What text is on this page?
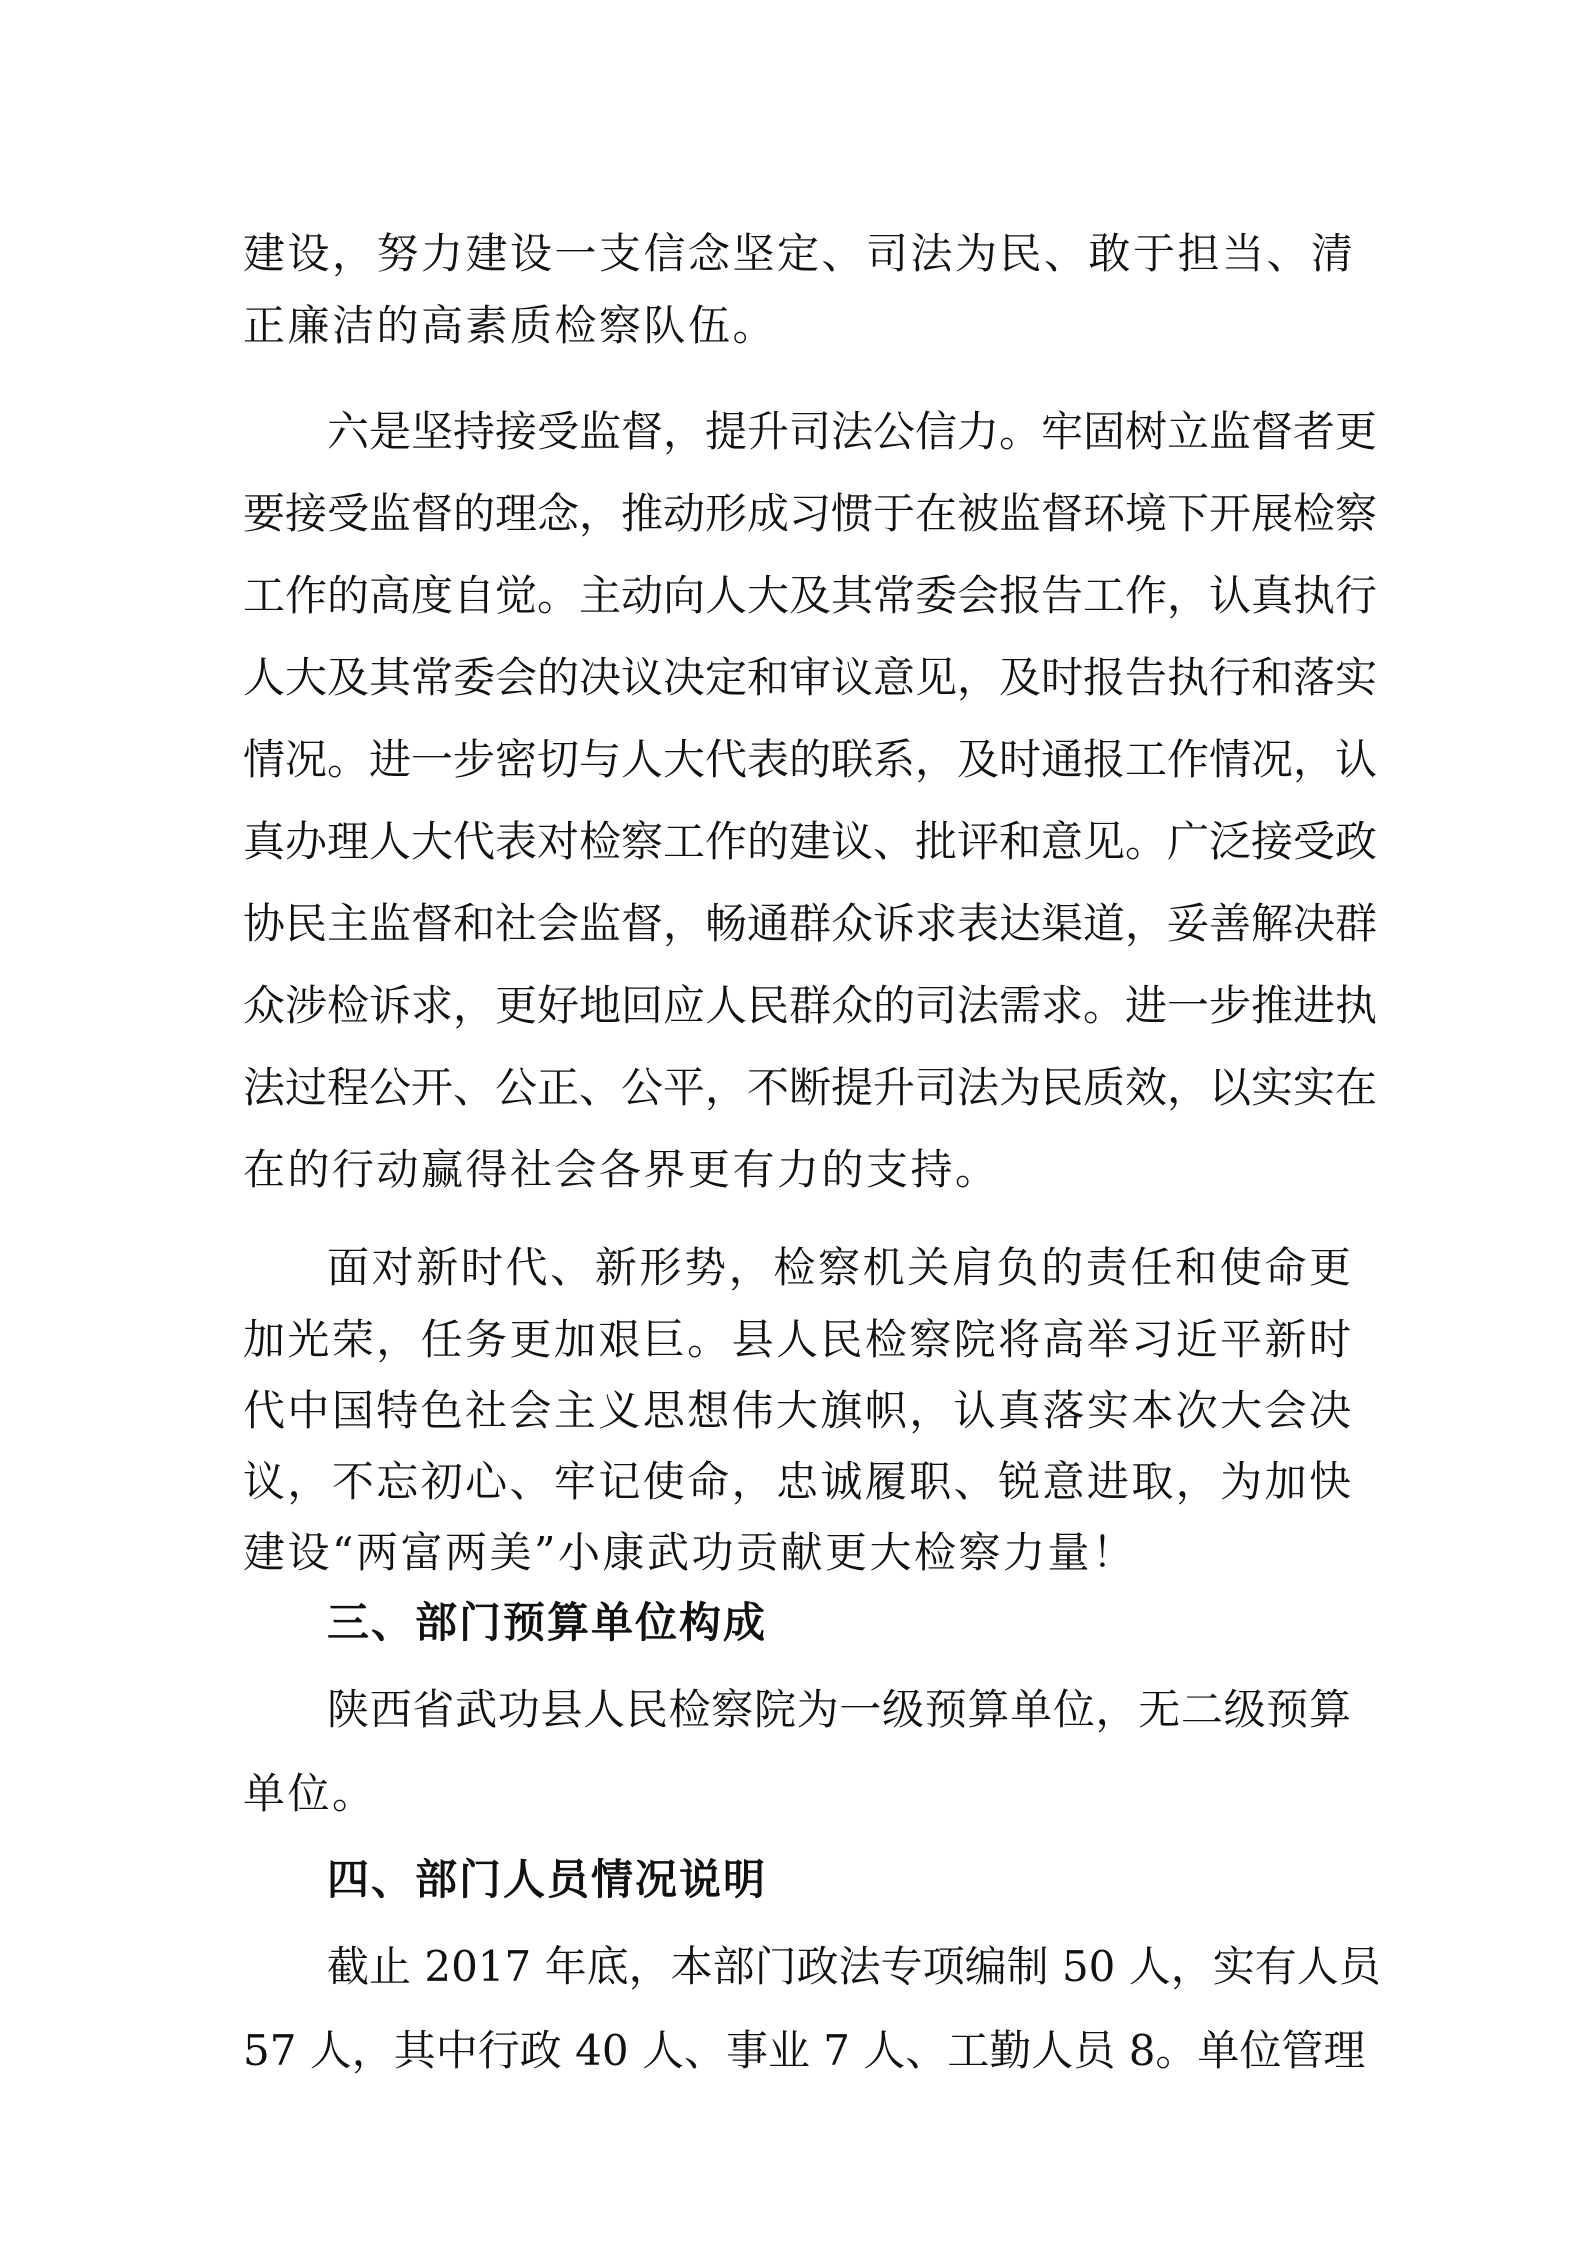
建设，努力建设一支信念坚定、司法为民、敢于担当、清
正廉洁的高素质检察队伍。
六是坚持接受监督，提升司法公信力。牢固树立监督者更
要接受监督的理念，推动形成习惯于在被监督环境下开展检察
工作的高度自觉。主动向人大及其常委会报告工作，认真执行
人大及其常委会的决议决定和审议意见，及时报告执行和落实
情况。进一步密切与人大代表的联系，及时通报工作情况，认
真办理人大代表对检察工作的建议、批评和意见。广泛接受政
协民主监督和社会监督，畅通群众诉求表达渠道，妥善解决群
众涉检诉求，更好地回应人民群众的司法需求。进一步推进执
法过程公开、公正、公平，不断提升司法为民质效，以实实在
在的行动赢得社会各界更有力的支持。
面对新时代、新形势，检察机关肩负的责任和使命更
加光荣，任务更加艰巨。县人民检察院将高举习近平新时
代中国特色社会主义思想伟大旗帜，认真落实本次大会决
议，不忘初心、牢记使命，忠诚履职、锐意进取，为加快
建设“两富两美”小康武功贡献更大检察力量！
三、部门预算单位构成
陕西省武功县人民检察院为一级预算单位，无二级预算
单位。
四、部门人员情况说明
截止 2017 年底，本部门政法专项编制 50 人，实有人员
57 人，其中行政 40 人、事业 7 人、工勤人员 8。单位管理
